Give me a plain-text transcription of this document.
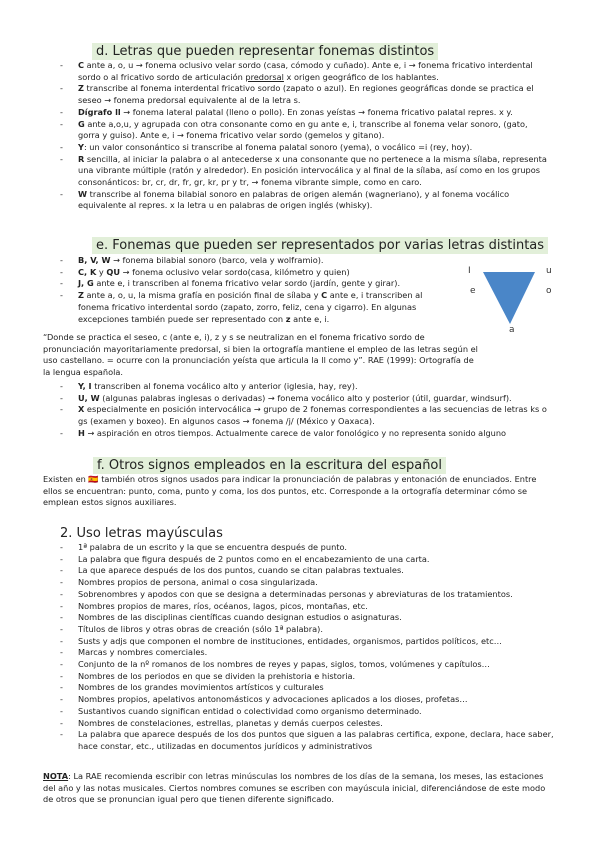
d. Letras que pueden representar fonemas distintos
- C ante a, o, u → fonema oclusivo velar sordo (casa, cómodo y cuñado). Ante e, i → fonema fricativo interdental sordo o al fricativo sordo de articulación predorsal x origen geográfico de los hablantes.
- Z transcribe al fonema interdental fricativo sordo (zapato o azul). En regiones geográficas donde se practica el seseo → fonema predorsal equivalente al de la letra s.
- Dígrafo ll → fonema lateral palatal (lleno o pollo). En zonas yeístas → fonema fricativo palatal repres. x y.
- G ante a,o,u, y agrupada con otra consonante como en gu ante e, i, transcribe al fonema velar sonoro, (gato, gorra y guiso). Ante e, i → fonema fricativo velar sordo (gemelos y gitano).
- Y: un valor consonántico si transcribe al fonema palatal sonoro (yema), o vocálico =i (rey, hoy).
- R sencilla, al iniciar la palabra o al antecederse x una consonante que no pertenece a la misma sílaba, representa una vibrante múltiple (ratón y alrededor). En posición intervocálica y al final de la sílaba, así como en los grupos consonánticos: br, cr, dr, fr, gr, kr, pr y tr, → fonema vibrante simple, como en caro.
- W transcribe al fonema bilabial sonoro en palabras de origen alemán (wagneriano), y al fonema vocálico equivalente al repres. x la letra u en palabras de origen inglés (whisky).
e. Fonemas que pueden ser representados por varias letras distintas
- B, V, W → fonema bilabial sonoro (barco, vela y wolframio).
- C, K y QU → fonema oclusivo velar sordo(casa, kilómetro y quien)
- J, G ante e, i transcriben al fonema fricativo velar sordo (jardín, gente y girar).
- Z ante a, o, u, la misma grafía en posición final de sílaba y C ante e, i transcriben al fonema fricativo interdental sordo (zapato, zorro, feliz, cena y cigarro). En algunas excepciones también puede ser representado con z ante e, i.
I
e
u
o
a
“Donde se practica el seseo, c (ante e, i), z y s se neutralizan en el fonema fricativo sordo de pronunciación mayoritariamente predorsal, si bien la ortografía mantiene el empleo de las letras según el uso castellano. = ocurre con la pronunciación yeísta que articula la ll como y”. RAE (1999): Ortografía de la lengua española.
- Y, I transcriben al fonema vocálico alto y anterior (iglesia, hay, rey).
- U, W (algunas palabras inglesas o derivadas) → fonema vocálico alto y posterior (útil, guardar, windsurf).
- X especialmente en posición intervocálica → grupo de 2 fonemas correspondientes a las secuencias de letras ks o gs (examen y boxeo). En algunos casos → fonema /j/ (México y Oaxaca).
- H → aspiración en otros tiempos. Actualmente carece de valor fonológico y no representa sonido alguno
f. Otros signos empleados en la escritura del español
Existen en 🇪🇸 también otros signos usados para indicar la pronunciación de palabras y entonación de enunciados. Entre ellos se encuentran: punto, coma, punto y coma, los dos puntos, etc. Corresponde a la ortografía determinar cómo se emplean estos signos auxiliares.
2. Uso letras mayúsculas
- 1ª palabra de un escrito y la que se encuentra después de punto.
- La palabra que figura después de 2 puntos como en el encabezamiento de una carta.
- La que aparece después de los dos puntos, cuando se citan palabras textuales.
- Nombres propios de persona, animal o cosa singularizada.
- Sobrenombres y apodos con que se designa a determinadas personas y abreviaturas de los tratamientos.
- Nombres propios de mares, ríos, océanos, lagos, picos, montañas, etc.
- Nombres de las disciplinas científicas cuando designan estudios o asignaturas.
- Títulos de libros y otras obras de creación (sólo 1ª palabra).
- Susts y adjs que componen el nombre de instituciones, entidades, organismos, partidos políticos, etc…
- Marcas y nombres comerciales.
- Conjunto de la nº romanos de los nombres de reyes y papas, siglos, tomos, volúmenes y capítulos…
- Nombres de los periodos en que se dividen la prehistoria e historia.
- Nombres de los grandes movimientos artísticos y culturales
- Nombres propios, apelativos antonomásticos y advocaciones aplicados a los dioses, profetas…
- Sustantivos cuando significan entidad o colectividad como organismo determinado.
- Nombres de constelaciones, estrellas, planetas y demás cuerpos celestes.
- La palabra que aparece después de los dos puntos que siguen a las palabras certifica, expone, declara, hace saber, hace constar, etc., utilizadas en documentos jurídicos y administrativos
NOTA: La RAE recomienda escribir con letras minúsculas los nombres de los días de la semana, los meses, las estaciones del año y las notas musicales. Ciertos nombres comunes se escriben con mayúscula inicial, diferenciándose de este modo de otros que se pronuncian igual pero que tienen diferente significado.
